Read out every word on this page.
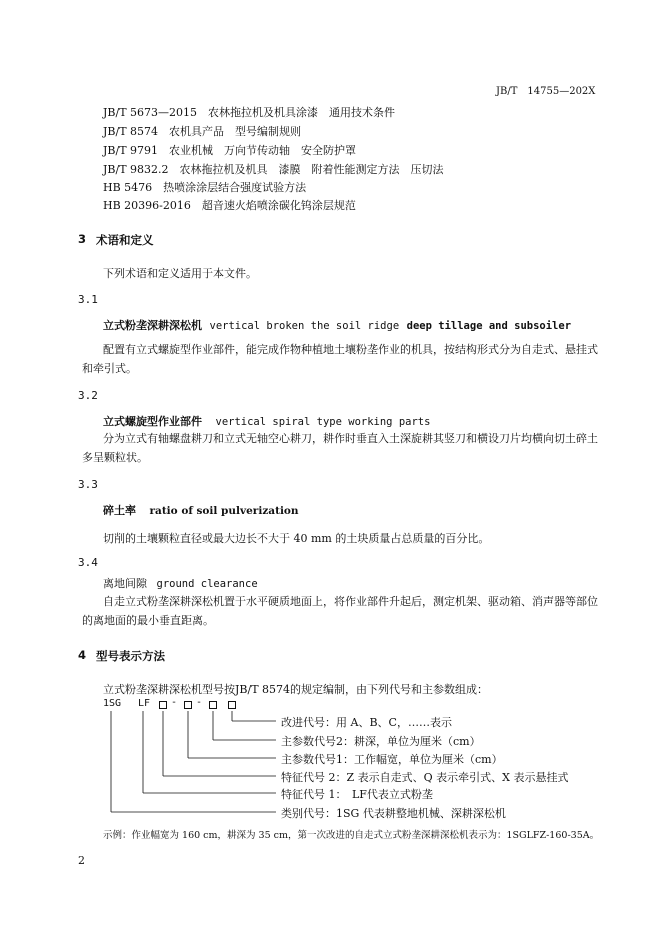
JB/T　14755—202X
JB/T 5673—2015　农林拖拉机及机具涂漆　通用技术条件
JB/T 8574　农机具产品　型号编制规则
JB/T 9791　农业机械　万向节传动轴　安全防护罩
JB/T 9832.2　农林拖拉机及机具　漆膜　附着性能测定方法　压切法
HB 5476　热喷涂涂层结合强度试验方法
HB 20396-2016　超音速火焰喷涂碳化钨涂层规范
3 术语和定义
下列术语和定义适用于本文件。
3.1
立式粉垄深耕深松机 vertical broken the soil ridge deep tillage and subsoiler
配置有立式螺旋型作业部件，能完成作物种植地土壤粉垄作业的机具，按结构形式分为自走式、悬挂式和牵引式。
3.2
立式螺旋型作业部件 vertical spiral type working parts
分为立式有轴螺盘耕刀和立式无轴空心耕刀，耕作时垂直入土深旋耕其竖刀和横设刀片均横向切土碎土多呈颗粒状。
3.3
碎土率 ratio of soil pulverization
切削的土壤颗粒直径或最大边长不大于 40 mm 的土块质量占总质量的百分比。
3.4
离地间隙 ground clearance
自走立式粉垄深耕深松机置于水平硬质地面上，将作业部件升起后，测定机架、驱动箱、消声器等部位的离地面的最小垂直距离。
4 型号表示方法
立式粉垄深耕深松机型号按JB/T 8574的规定编制，由下列代号和主参数组成：
1SG LF - -
改进代号：用 A、B、C，……表示
主参数代号2：耕深，单位为厘米（cm）
主参数代号1：工作幅宽，单位为厘米（cm）
特征代号 2：Z 表示自走式、Q 表示牵引式、X 表示悬挂式
特征代号 1：　LF代表立式粉垄
类别代号：1SG 代表耕整地机械、深耕深松机
示例：作业幅宽为 160 cm，耕深为 35 cm，第一次改进的自走式立式粉垄深耕深松机表示为：1SGLFZ-160-35A。
2
